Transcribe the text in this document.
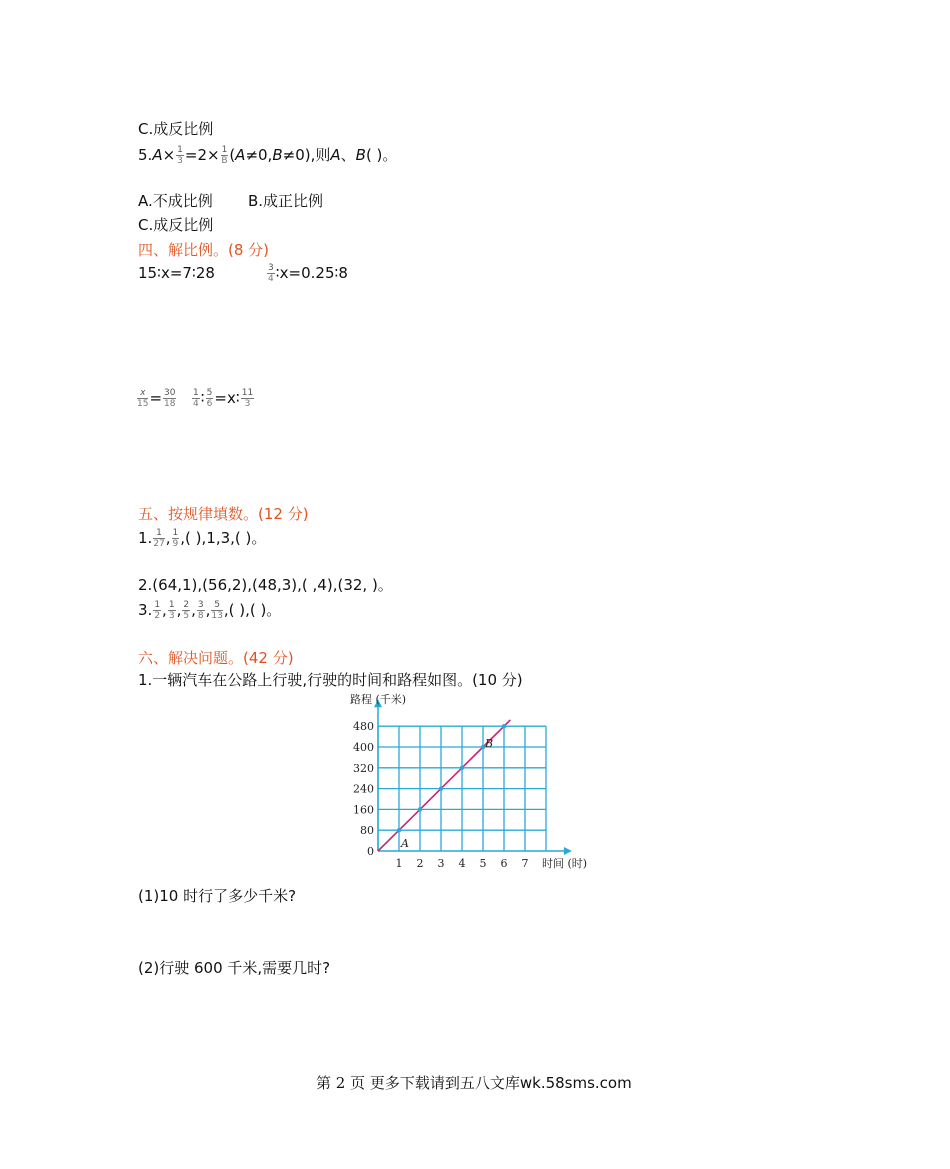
C.成反比例
$5.A\times \frac{1}{3} =2\times \frac{1}{B} (A\ne 0,B\ne 0)$,则A、B( )。
A.不成比例 B.成正比例
C.成反比例
四、解比例。(8 分)
15∶x=7∶28	$\frac{3}{4}$ ∶x=0.25∶8
$\frac{x}{15} = \frac{30}{18} \frac{1}{4}$ ∶ $\frac{5}{6}$ =x∶ $\frac{11}{3}$
五、按规律填数。(12 分)
1. $\frac{1}{27}$ , $\frac{1}{9}$ ,( ),1,3,( )。
2.(64,1),(56,2),(48,3),( ,4),(32, )。
3. $\frac{1}{2}$ , $\frac{1}{3}$ , $\frac{2}{5}$ , $\frac{3}{8}$ , $\frac{5}{13}$ ,( ),( )。
六、解决问题。(42 分)
1.一辆汽车在公路上行驶,行驶的时间和路程如图。(10 分)
1 2 3 4 5 6 7
0
80
160
240
320
400
480
路程 (千米)
时间 (时)
A
B
(1)10 时行了多少千米?
(2)行驶 600 千米,需要几时?
第 2 页 更多下载请到五八文库wk.58sms.com
